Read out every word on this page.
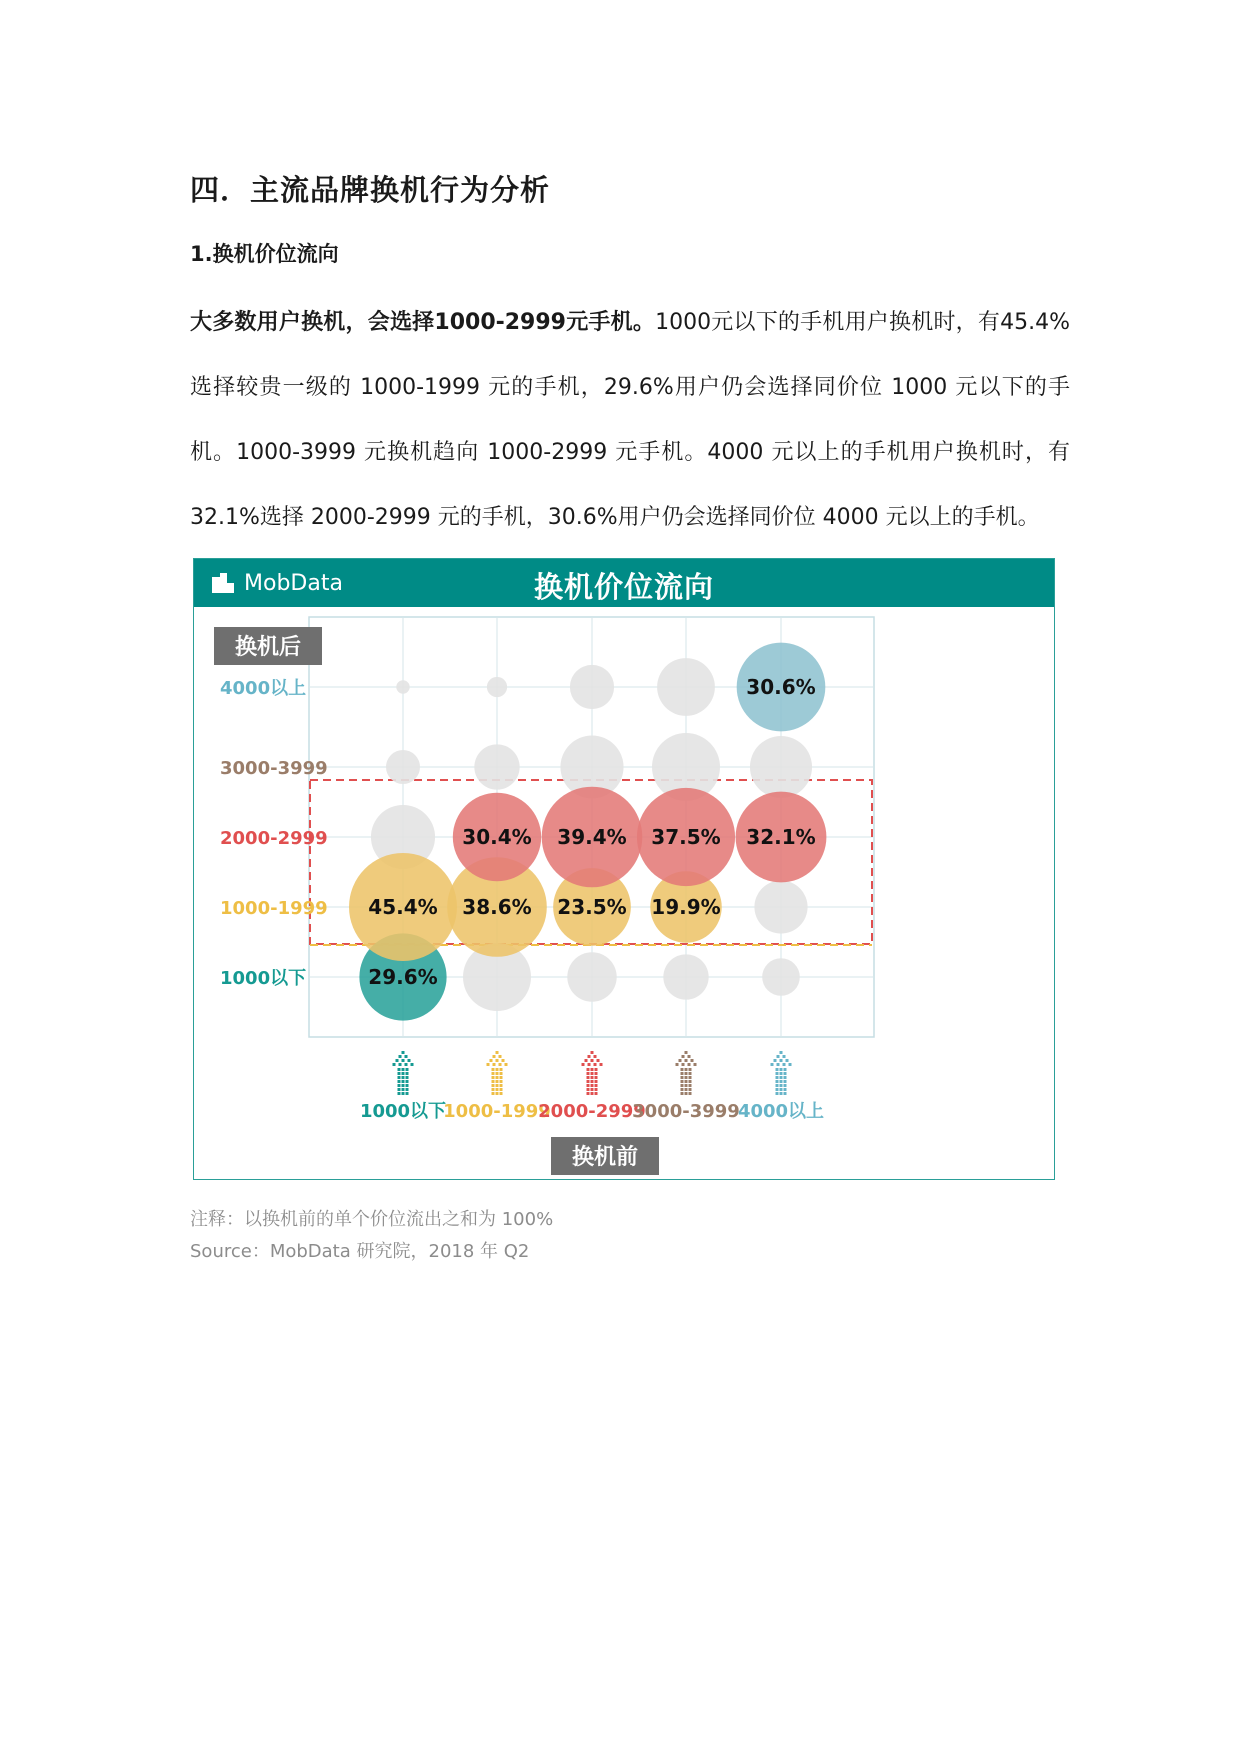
四．主流品牌换机行为分析
1.换机价位流向

大多数用户换机，会选择1000-2999元手机。1000元以下的手机用户换机时，有45.4%选择较贵一级的 1000-1999 元的手机，29.6%用户仍会选择同价位 1000 元以下的手机。1000-3999 元换机趋向 1000-2999 元手机。4000 元以上的手机用户换机时，有32.1%选择 2000-2999 元的手机，30.6%用户仍会选择同价位 4000 元以上的手机。

MobData	换机价位流向
29.6%
45.4% 38.6%
30.4%
23.5%
39.4%
19.9%
37.5% 32.1%
30.6%
换机后
换机前
1000以下
1000-1999
2000-2999
3000-3999
4000以上
1000以下
1000-1999
2000-2999
3000-3999
4000以上

注释：以换机前的单个价位流出之和为 100%

Source：MobData 研究院，2018 年 Q2
